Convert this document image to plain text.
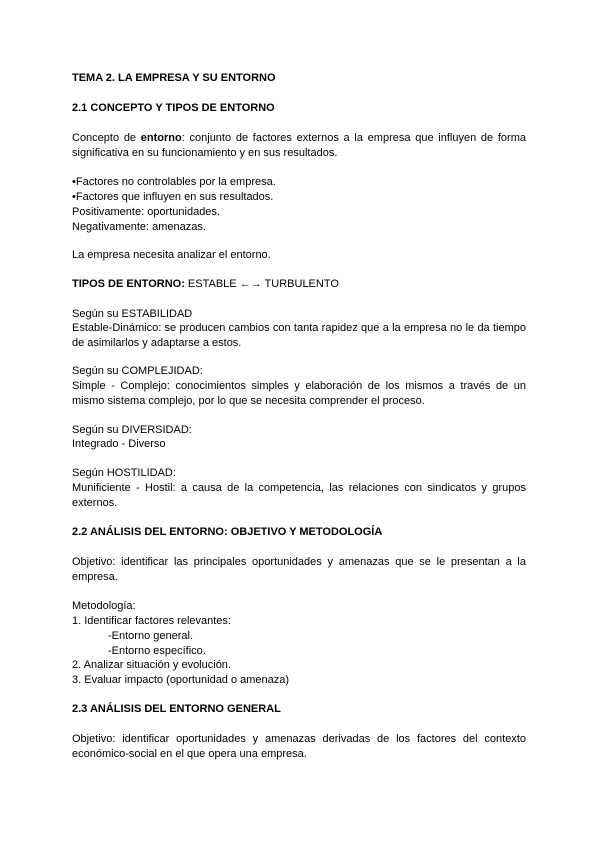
TEMA 2. LA EMPRESA Y SU ENTORNO
2.1 CONCEPTO Y TIPOS DE ENTORNO
Concepto de entorno: conjunto de factores externos a la empresa que influyen de forma
significativa en su funcionamiento y en sus resultados.
•Factores no controlables por la empresa.
•Factores que influyen en sus resultados.
Positivamente: oportunidades.
Negativamente: amenazas.
La empresa necesita analizar el entorno.
TIPOS DE ENTORNO: ESTABLE ←→ TURBULENTO
Según su ESTABILIDAD
Estable-Dinámico: se producen cambios con tanta rapidez que a la empresa no le da tiempo
de asimilarlos y adaptarse a estos.
Según su COMPLEJIDAD:
Simple - Complejo: conocimientos simples y elaboración de los mismos a través de un
mismo sistema complejo, por lo que se necesita comprender el proceso.
Según su DIVERSIDAD:
Integrado - Diverso
Según HOSTILIDAD:
Munificiente - Hostil: a causa de la competencia, las relaciones con sindicatos y grupos
externos.
2.2 ANÁLISIS DEL ENTORNO: OBJETIVO Y METODOLOGÍA
Objetivo: identificar las principales oportunidades y amenazas que se le presentan a la
empresa.
Metodología:
1. Identificar factores relevantes:
-Entorno general.
-Entorno específico.
2. Analizar situación y evolución.
3. Evaluar impacto (oportunidad o amenaza)
2.3 ANÁLISIS DEL ENTORNO GENERAL
Objetivo: identificar oportunidades y amenazas derivadas de los factores del contexto
económico-social en el que opera una empresa.
